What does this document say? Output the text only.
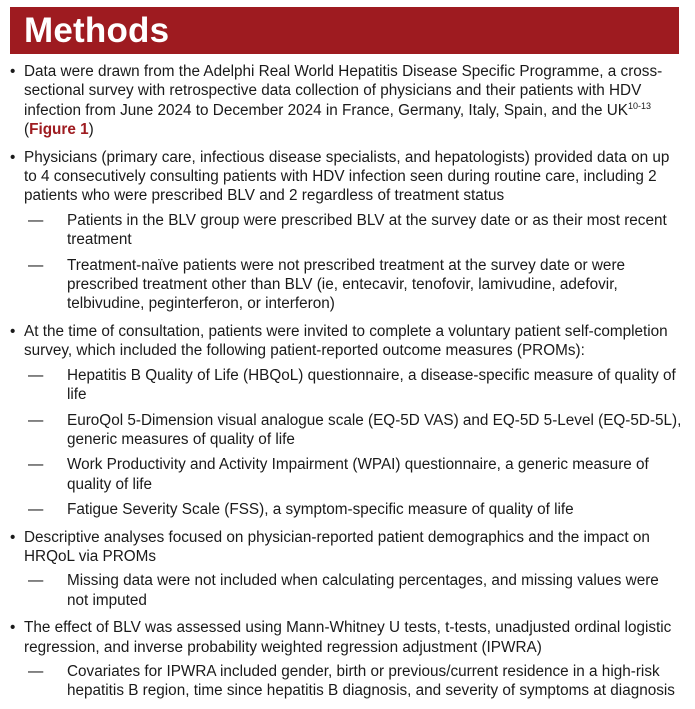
Methods
• Data were drawn from the Adelphi Real World Hepatitis Disease Specific Programme, a cross-sectional survey with retrospective data collection of physicians and their patients with HDV infection from June 2024 to December 2024 in France, Germany, Italy, Spain, and the UK$^{10-13}$ (Figure 1)
• Physicians (primary care, infectious disease specialists, and hepatologists) provided data on up to 4 consecutively consulting patients with HDV infection seen during routine care, including 2 patients who were prescribed BLV and 2 regardless of treatment status
— Patients in the BLV group were prescribed BLV at the survey date or as their most recent treatment
— Treatment-naïve patients were not prescribed treatment at the survey date or were prescribed treatment other than BLV (ie, entecavir, tenofovir, lamivudine, adefovir, telbivudine, peginterferon, or interferon)
• At the time of consultation, patients were invited to complete a voluntary patient self-completion survey, which included the following patient-reported outcome measures (PROMs):
— Hepatitis B Quality of Life (HBQoL) questionnaire, a disease-specific measure of quality of life
— EuroQol 5-Dimension visual analogue scale (EQ-5D VAS) and EQ-5D 5-Level (EQ-5D-5L), generic measures of quality of life
— Work Productivity and Activity Impairment (WPAI) questionnaire, a generic measure of quality of life
— Fatigue Severity Scale (FSS), a symptom-specific measure of quality of life
• Descriptive analyses focused on physician-reported patient demographics and the impact on HRQoL via PROMs
— Missing data were not included when calculating percentages, and missing values were not imputed
• The effect of BLV was assessed using Mann-Whitney U tests, t-tests, unadjusted ordinal logistic regression, and inverse probability weighted regression adjustment (IPWRA)
— Covariates for IPWRA included gender, birth or previous/current residence in a high-risk hepatitis B region, time since hepatitis B diagnosis, and severity of symptoms at diagnosis
